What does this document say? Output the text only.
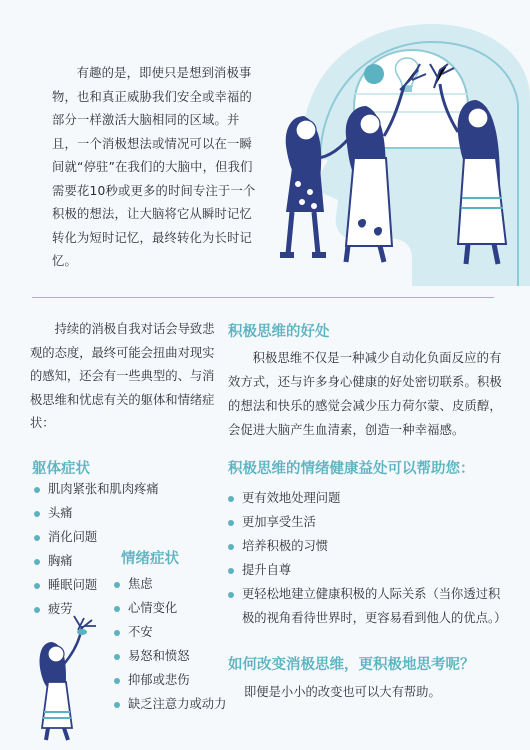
有趣的是，即使只是想到消极事物，也和真正威胁我们安全或幸福的部分一样激活大脑相同的区域。并且，一个消极想法或情况可以在一瞬间就“停驻”在我们的大脑中，但我们需要花10秒或更多的时间专注于一个积极的想法，让大脑将它从瞬时记忆转化为短时记忆，最终转化为长时记忆。

持续的消极自我对话会导致悲观的态度，最终可能会扭曲对现实的感知，还会有一些典型的、与消极思维和忧虑有关的躯体和情绪症状：

躯体症状
肌肉紧张和肌肉疼痛
头痛
消化问题
胸痛
睡眠问题
疲劳
情绪症状
焦虑
心情变化
不安
易怒和愤怒
抑郁或悲伤
缺乏注意力或动力
积极思维的好处

积极思维不仅是一种减少自动化负面反应的有效方式，还与许多身心健康的好处密切联系。积极的想法和快乐的感觉会减少压力荷尔蒙、皮质醇，会促进大脑产生血清素，创造一种幸福感。

积极思维的情绪健康益处可以帮助您：
更有效地处理问题
更加享受生活
培养积极的习惯
提升自尊
更轻松地建立健康积极的人际关系（当你透过积极的视角看待世界时，更容易看到他人的优点。）
如何改变消极思维，更积极地思考呢？

即便是小小的改变也可以大有帮助。
